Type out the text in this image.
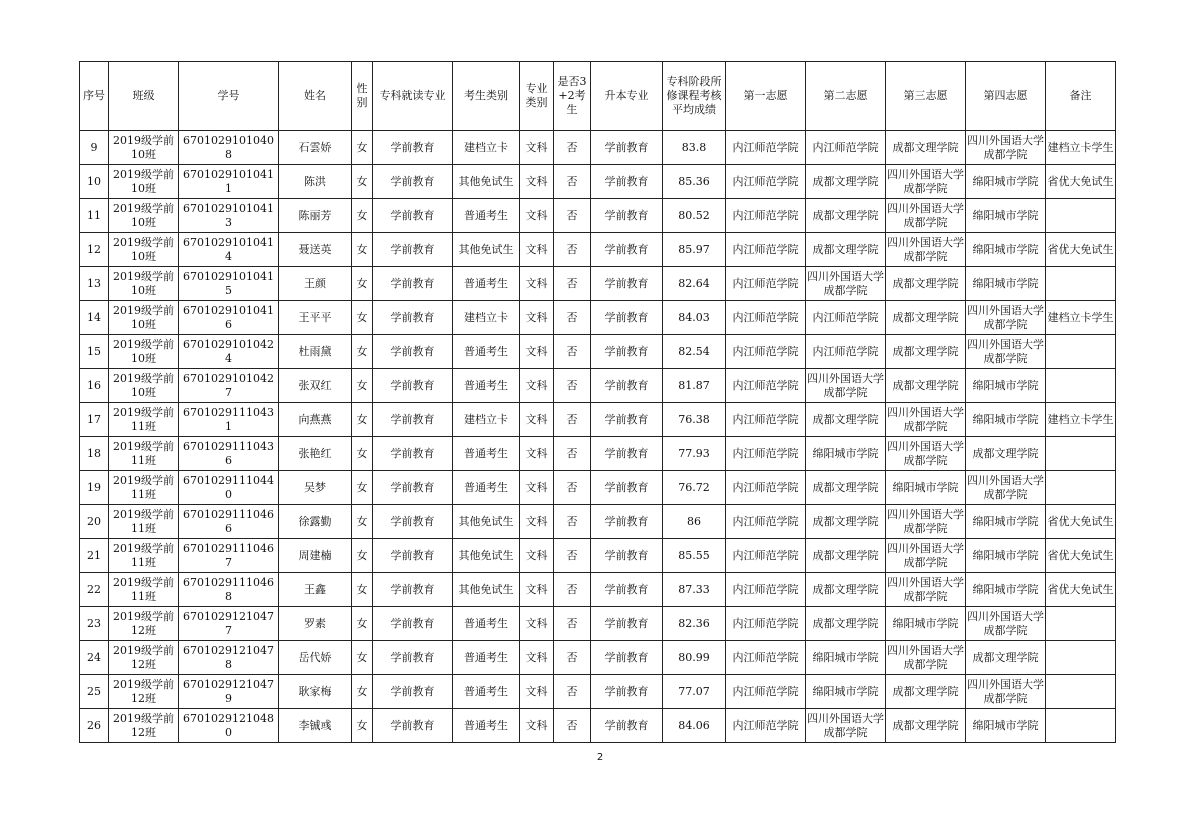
序号	班级	学号	姓名	性别	专科就读专业	考生类别	专业类别	是否3+2考生	升本专业	专科阶段所修课程考核平均成绩	第一志愿	第二志愿	第三志愿	第四志愿	备注
9	2019级学前10班	67010291010408	石雲娇	女	学前教育	建档立卡	文科	否	学前教育	83.8	内江师范学院	内江师范学院	成都文理学院	四川外国语大学成都学院	建档立卡学生
10	2019级学前10班	67010291010411	陈洪	女	学前教育	其他免试生	文科	否	学前教育	85.36	内江师范学院	成都文理学院	四川外国语大学成都学院	绵阳城市学院	省优大免试生
11	2019级学前10班	67010291010413	陈丽芳	女	学前教育	普通考生	文科	否	学前教育	80.52	内江师范学院	成都文理学院	四川外国语大学成都学院	绵阳城市学院	
12	2019级学前10班	67010291010414	聂送英	女	学前教育	其他免试生	文科	否	学前教育	85.97	内江师范学院	成都文理学院	四川外国语大学成都学院	绵阳城市学院	省优大免试生
13	2019级学前10班	67010291010415	王颜	女	学前教育	普通考生	文科	否	学前教育	82.64	内江师范学院	四川外国语大学成都学院	成都文理学院	绵阳城市学院	
14	2019级学前10班	67010291010416	王平平	女	学前教育	建档立卡	文科	否	学前教育	84.03	内江师范学院	内江师范学院	成都文理学院	四川外国语大学成都学院	建档立卡学生
15	2019级学前10班	67010291010424	杜雨黛	女	学前教育	普通考生	文科	否	学前教育	82.54	内江师范学院	内江师范学院	成都文理学院	四川外国语大学成都学院	
16	2019级学前10班	67010291010427	张双红	女	学前教育	普通考生	文科	否	学前教育	81.87	内江师范学院	四川外国语大学成都学院	成都文理学院	绵阳城市学院	
17	2019级学前11班	67010291110431	向燕燕	女	学前教育	建档立卡	文科	否	学前教育	76.38	内江师范学院	成都文理学院	四川外国语大学成都学院	绵阳城市学院	建档立卡学生
18	2019级学前11班	67010291110436	张艳红	女	学前教育	普通考生	文科	否	学前教育	77.93	内江师范学院	绵阳城市学院	四川外国语大学成都学院	成都文理学院	
19	2019级学前11班	67010291110440	吴梦	女	学前教育	普通考生	文科	否	学前教育	76.72	内江师范学院	成都文理学院	绵阳城市学院	四川外国语大学成都学院	
20	2019级学前11班	67010291110466	徐露勤	女	学前教育	其他免试生	文科	否	学前教育	86	内江师范学院	成都文理学院	四川外国语大学成都学院	绵阳城市学院	省优大免试生
21	2019级学前11班	67010291110467	周建楠	女	学前教育	其他免试生	文科	否	学前教育	85.55	内江师范学院	成都文理学院	四川外国语大学成都学院	绵阳城市学院	省优大免试生
22	2019级学前11班	67010291110468	王鑫	女	学前教育	其他免试生	文科	否	学前教育	87.33	内江师范学院	成都文理学院	四川外国语大学成都学院	绵阳城市学院	省优大免试生
23	2019级学前12班	67010291210477	罗素	女	学前教育	普通考生	文科	否	学前教育	82.36	内江师范学院	成都文理学院	绵阳城市学院	四川外国语大学成都学院	
24	2019级学前12班	67010291210478	岳代娇	女	学前教育	普通考生	文科	否	学前教育	80.99	内江师范学院	绵阳城市学院	四川外国语大学成都学院	成都文理学院	
25	2019级学前12班	67010291210479	耿家梅	女	学前教育	普通考生	文科	否	学前教育	77.07	内江师范学院	绵阳城市学院	成都文理学院	四川外国语大学成都学院	
26	2019级学前12班	67010291210480	李铖彧	女	学前教育	普通考生	文科	否	学前教育	84.06	内江师范学院	四川外国语大学成都学院	成都文理学院	绵阳城市学院	
2
